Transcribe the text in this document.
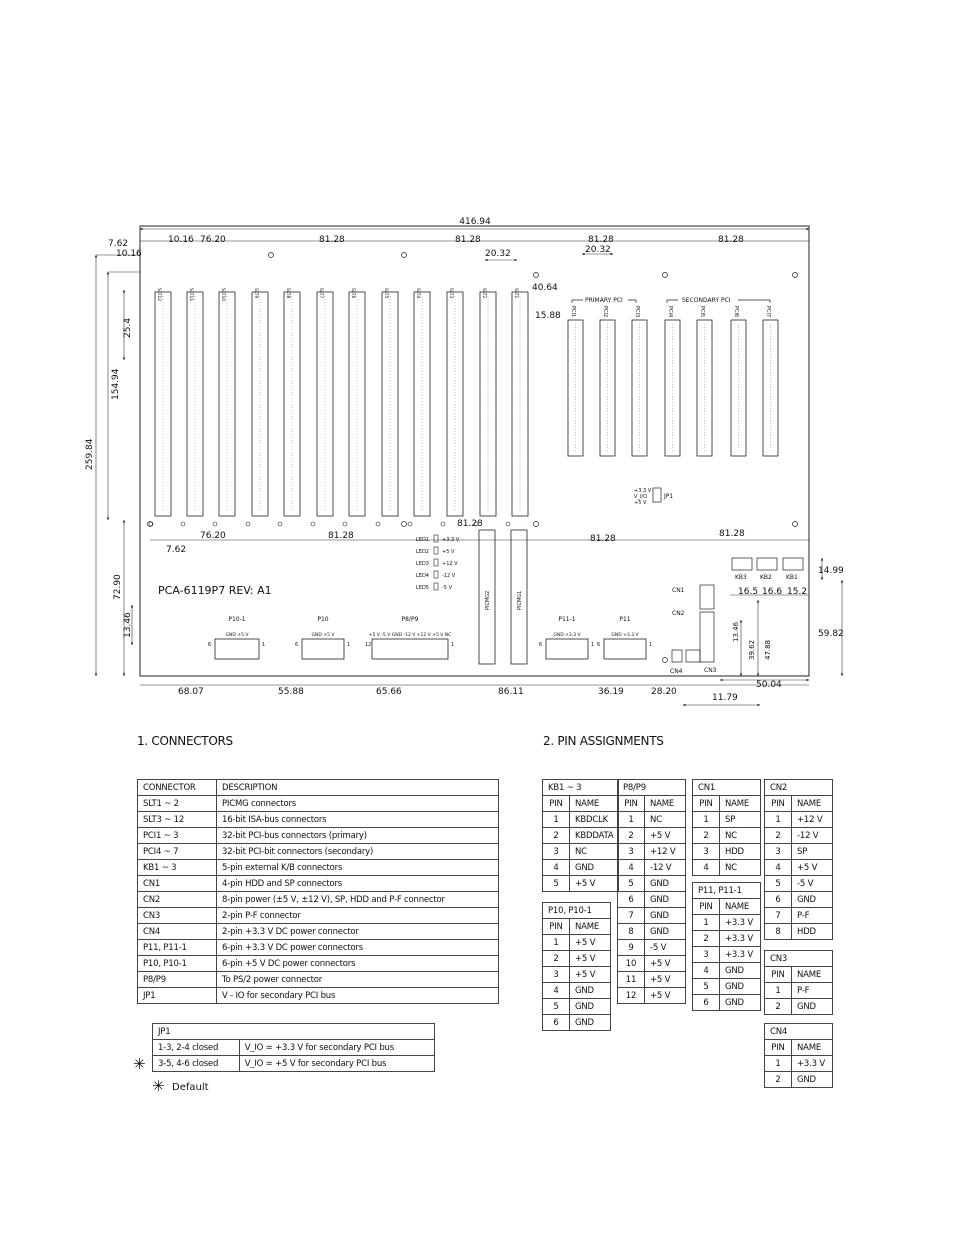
416.94
7.62
10.16
10.16 76.20	81.28	81.28	81.28	81.28
20.32	20.32
40.64
15.88
259.84
154.94
25.4
72.90
13.46
7.62
76.20	81.28
81.28
81.28	81.28
68.07	55.88	65.66	86.11	36.19	28.20
11.79
50.04
14.99
16.5 16.6 15.2
59.82
39.62 47.88
13.46
SLT12	SLT11	SLT10	SLT9	SLT8	SLT7	SLT6	SLT5	SLT4	SLT3	SLT2	SLT1
PCI1	PCI2	PCI3	PCI4	PCI5	PCI6	PCI7
PRIMARY PCI	SECONDARY PCI
JP1
+3.3 V
V_I/O
+5 V
LED1	+3.3 V
LED2	+5 V
LED3	+12 V
LED4	-12 V
LED5	-5 V
PCA-6119P7 REV: A1
PICMG2	PICMG1
P10-1
GND +5 V
6	1
P10
GND +5 V
6	1
P8/P9
+5 V -5 V GND -12 V +12 V +5 V NC
12	1
P11-1
GND +3.3 V
6	1
P11
GND +3.3 V
6	1
KB3 KB2 KB1
CN1
CN2
CN3
CN4
1. CONNECTORS	2. PIN ASSIGNMENTS
CONNECTOR	DESCRIPTION
SLT1 ~ 2	PICMG connectors
SLT3 ~ 12	16-bit ISA-bus connectors
PCI1 ~ 3	32-bit PCI-bus connectors (primary)
PCI4 ~ 7	32-bit PCI-bit connectors (secondary)
KB1 ~ 3	5-pin external K/B connectors
CN1	4-pin HDD and SP connectors
CN2	8-pin power (±5 V, ±12 V), SP, HDD and P-F connector
CN3	2-pin P-F connector
CN4	2-pin +3.3 V DC power connector
P11, P11-1	6-pin +3.3 V DC power connectors
P10, P10-1	6-pin +5 V DC power connectors
P8/P9	To PS/2 power connector
JP1	V - IO for secondary PCI bus
JP1	
1-3, 2-4 closed	V_IO = +3.3 V for secondary PCI bus
3-5, 4-6 closed	V_IO = +5 V for secondary PCI bus
✳
✳ Default
KB1 ~ 3	
PIN	NAME
1	KBDCLK
2	KBDDATA
3	NC
4	GND
5	+5 V
P10, P10-1	
PIN	NAME
1	+5 V
2	+5 V
3	+5 V
4	GND
5	GND
6	GND
P8/P9	
PIN	NAME
1	NC
2	+5 V
3	+12 V
4	-12 V
5	GND
6	GND
7	GND
8	GND
9	-5 V
10	+5 V
11	+5 V
12	+5 V
CN1	
PIN	NAME
1	SP
2	NC
3	HDD
4	NC
P11, P11-1	
PIN	NAME
1	+3.3 V
2	+3.3 V
3	+3.3 V
4	GND
5	GND
6	GND
CN2	
PIN	NAME
1	+12 V
2	-12 V
3	SP
4	+5 V
5	-5 V
6	GND
7	P-F
8	HDD
CN3	
PIN	NAME
1	P-F
2	GND
CN4	
PIN	NAME
1	+3.3 V
2	GND
